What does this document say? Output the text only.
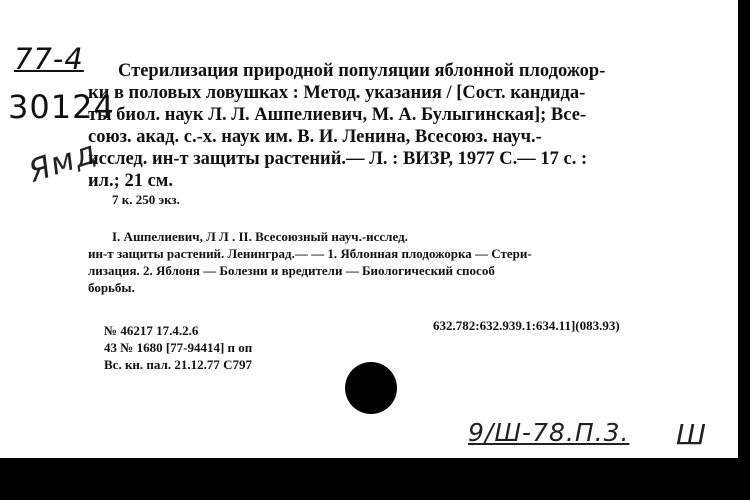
77-4
30124
Ямд
Стерилизация природной популяции яблонной плодожор-
ки в половых ловушках : Метод. указания / [Сост. кандида-
ты биол. наук Л. Л. Ашпелиевич, М. А. Булыгинская]; Все-
союз. акад. с.-х. наук им. В. И. Ленина, Всесоюз. науч.-
исслед. ин-т защиты растений.— Л. : ВИЗР, 1977 С.— 17 с. :
ил.; 21 см.
7 к. 250 экз.
I. Ашпелиевич, Л Л . II. Всесоюзный науч.-исслед.
ин-т защиты растений. Ленинград.— — 1. Яблонная плодожорка — Стери-
лизация. 2. Яблоня — Болезни и вредители — Биологический способ
борьбы.
632.782:632.939.1:634.11](083.93)
№ 46217 17.4.2.6
43 № 1680 [77-94414] п оп
Вс. кн. пал. 21.12.77 С797
9/Ш-78.П.3. Ш
